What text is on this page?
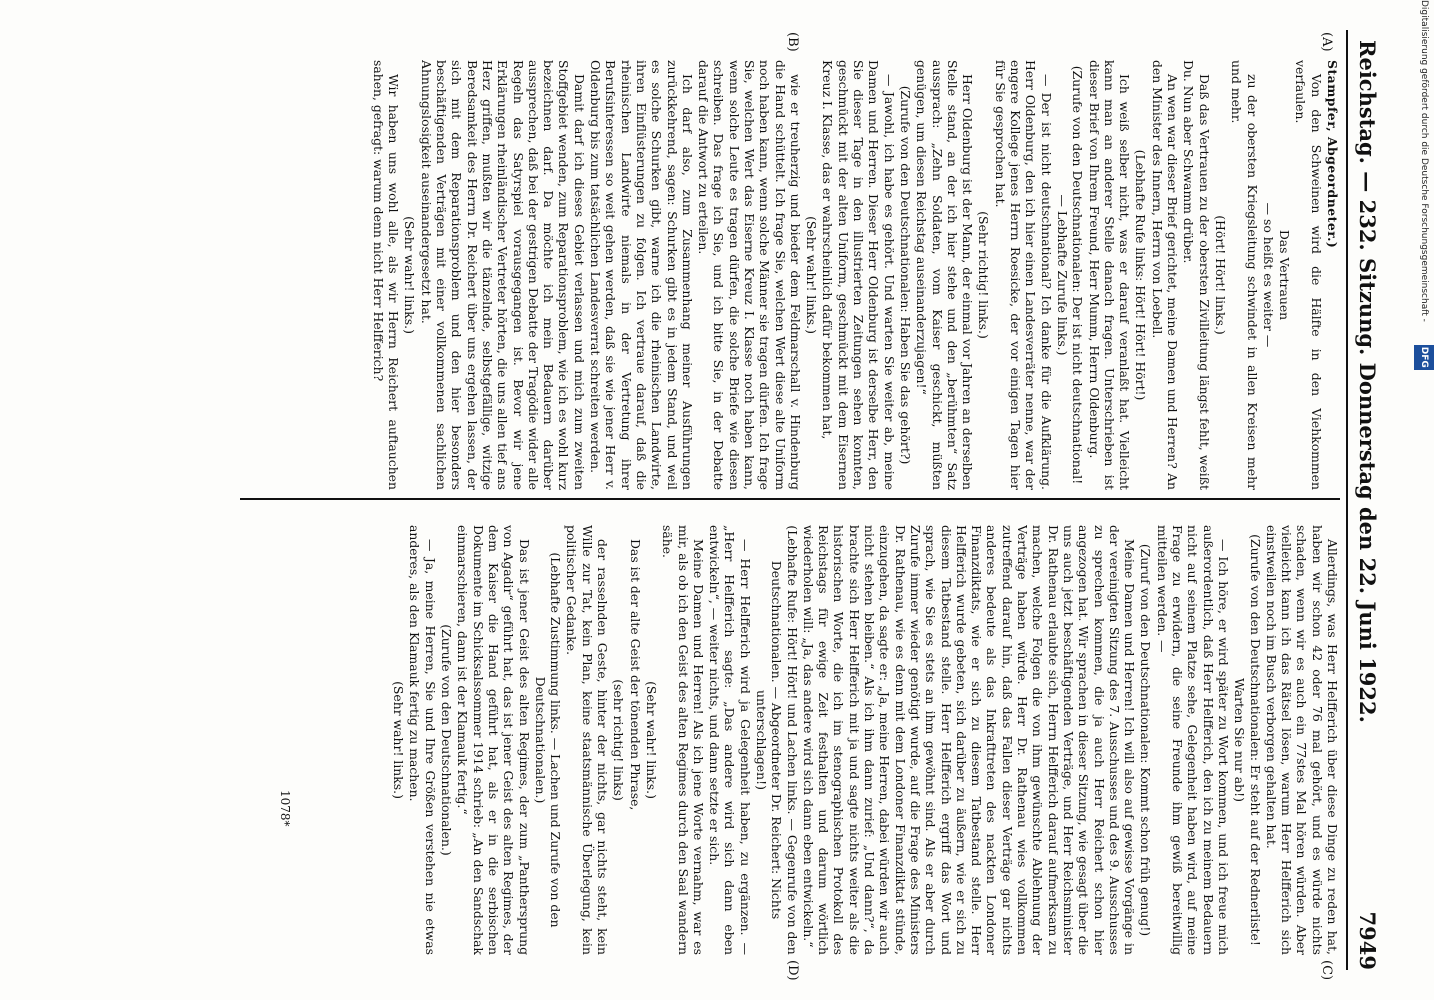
Reichstag. — 232. Sitzung. Donnerstag den 22. Juni 1922.
7949
(A)
(B)
(C)
(D)

Stampfer, Abgeordneter.)

Von den Schweinen wird die Hälfte in den Viehkommen verfaulen.

Das Vertrauen

— so heißt es weiter —

zu der obersten Kriegsleitung schwindet in allen Kreisen mehr und mehr.

(Hört! Hört! links.)

Daß das Vertrauen zu der obersten Zivilleitung längst fehlt, weißt Du. Nun aber Schwamm drüber.

An wen war dieser Brief gerichtet, meine Damen und Herren? An den Minister des Innern, Herrn von Loebell.

(Lebhafte Rufe links: Hört! Hört! Hört!)

Ich weiß selber nicht, was er darauf veranlaßt hat. Vielleicht kann man an anderer Stelle danach fragen. Unterschrieben ist dieser Brief von Ihrem Freund, Herr Mumm, Herrn Oldenburg.

(Zurufe von den Deutschnationalen: Der ist nicht deutschnational! — Lebhafte Zurufe links.)

— Der ist nicht deutschnational? Ich danke für die Aufklärung. Herr Oldenburg, den ich hier einen Landesverräter nenne, war der engere Kollege jenes Herrn Roesicke, der vor einigen Tagen hier für Sie gesprochen hat.

(Sehr richtig! links.)

Herr Oldenburg ist der Mann, der einmal vor Jahren an derselben Stelle stand, an der ich hier stehe und den „berühmten“ Satz aussprach: „Zehn Soldaten, vom Kaiser geschickt, müßten genügen, um diesen Reichstag auseinanderzujagen!“

(Zurufe von den Deutschnationalen: Haben Sie das gehört?)

— Jawohl, ich habe es gehört. Und warten Sie weiter ab, meine Damen und Herren. Dieser Herr Oldenburg ist derselbe Herr, den Sie dieser Tage in den illustrierten Zeitungen sehen konnten, geschmückt mit der alten Uniform, geschmückt mit dem Eisernen Kreuz I. Klasse, das er wahrscheinlich dafür bekommen hat,

(Sehr wahr! links.)

wie er treuherzig und bieder dem Feldmarschall v. Hindenburg die Hand schüttelt. Ich frage Sie, welchen Wert diese alte Uniform noch haben kann, wenn solche Männer sie tragen dürfen. Ich frage Sie, welchen Wert das Eiserne Kreuz I. Klasse noch haben kann, wenn solche Leute es tragen dürfen, die solche Briefe wie diesen schreiben. Das frage ich Sie, und ich bitte Sie, in der Debatte darauf die Antwort zu erteilen.

Ich darf also, zum Zusammenhang meiner Ausführungen zurückkehrend, sagen: Schurken gibt es in jedem Stand, und weil es solche Schurken gibt, warne ich die rheinischen Landwirte, ihren Einflüsterungen zu folgen. Ich vertraue darauf, daß die rheinischen Landwirte niemals in der Vertretung ihrer Berufsinteressen so weit gehen werden, daß sie wie jener Herr v. Oldenburg bis zum tatsächlichen Landesverrat schreiten werden.

Damit darf ich dieses Gebiet verlassen und mich zum zweiten Stoffgebiet wenden, zum Reparationsproblem, wie ich es wohl kurz bezeichnen darf. Da möchte ich mein Bedauern darüber aussprechen, daß bei der gestrigen Debatte der Tragödie wider alle Regeln das Satyrspiel vorausgegangen ist. Bevor wir jene Erklärungen rheinländischer Vertreter hörten, die uns allen tief ans Herz griffen, mußten wir die tänzelnde, selbstgefällige, witzige Beredsamkeit des Herrn Dr. Reichert über uns ergehen lassen, der sich mit dem Reparationsproblem und den hier besonders beschäftigenden Verträgen mit einer vollkommenen sachlichen Ahnungslosigkeit auseinandergesetzt hat.

(Sehr wahr! links.)

Wir haben uns wohl alle, als wir Herrn Reichert auftauchen sahen, gefragt: warum denn nicht Herr Helfferich?

Allerdings, was Herr Helfferich über diese Dinge zu reden hat, haben wir schon 42 oder 76 mal gehört, und es würde nichts schaden, wenn wir es auch ein 77stes Mal hören würden. Aber vielleicht kann ich das Rätsel lösen, warum Herr Helfferich sich einstweilen noch im Busch verborgen gehalten hat.

(Zurufe von den Deutschnationalen: Er steht auf der Rednerliste! Warten Sie nur ab!)

— Ich höre, er wird später zu Wort kommen, und ich freue mich außerordentlich, daß Herr Helfferich, den ich zu meinem Bedauern nicht auf seinem Platze sehe, Gelegenheit haben wird, auf meine Frage zu erwidern, die seine Freunde ihm gewiß bereitwillig mitteilen werden. —

(Zuruf von den Deutschnationalen: Kommt schon früh genug!)

Meine Damen und Herren! Ich will also auf gewisse Vorgänge in der vereinigten Sitzung des 7. Ausschusses und des 9. Ausschusses zu sprechen kommen, die ja auch Herr Reichert schon hier angezogen hat. Wir sprachen in dieser Sitzung, wie gesagt über die uns auch jetzt beschäftigenden Verträge, und Herr Reichsminister Dr. Rathenau erlaubte sich, Herrn Helfferich darauf aufmerksam zu machen, welche Folgen die von ihm gewünschte Ablehnung der Verträge haben würde. Herr Dr. Rathenau wies vollkommen zutreffend darauf hin, daß das Fallen dieser Verträge gar nichts anderes bedeute als das Inkrafttreten des nackten Londoner Finanzdiktats, wie er sich zu diesem Tatbestand stelle. Herr Helfferich wurde gebeten, sich darüber zu äußern, wie er sich zu diesem Tatbestand stelle. Herr Helfferich ergriff das Wort und sprach, wie Sie es stets an ihm gewöhnt sind. Als er aber durch Zurufe immer wieder genötigt wurde, auf die Frage des Ministers Dr. Rathenau, wie es denn mit dem Londoner Finanzdiktat stünde, einzugehen, da sagte er: „Ja, meine Herren, dabei würden wir auch nicht stehen bleiben.“ Als ich ihm dann zurief: „Und dann?“, da brachte sich Herr Helfferich mit ja und sagte nichts weiter als die historischen Worte, die ich im stenographischen Protokoll des Reichstags für ewige Zeit festhalten und darum wörtlich wiederholen will: „Ja, das andere wird sich dann eben entwickeln.“

(Lebhafte Rufe: Hört! Hört! und Lachen links. — Gegenrufe von den Deutschnationalen. — Abgeordneter Dr. Reichert: Nichts unterschlagen!)

— Herr Helfferich wird ja Gelegenheit haben, zu ergänzen. — „Herr Helfferich sagte: „Das andere wird sich dann eben entwickeln“, — weiter nichts, und dann setzte er sich.

Meine Damen und Herren! Als ich jene Worte vernahm, war es mir, als ob ich den Geist des alten Regimes durch den Saal wandern sähe.

(Sehr wahr! links.)

Das ist der alte Geist der tönenden Phrase,

(sehr richtig! links)

der rasselnden Geste, hinter der nichts, gar nichts steht, kein Wille zur Tat, kein Plan, keine staatsmännische Überlegung, kein politischer Gedanke.

(Lebhafte Zustimmung links. — Lachen und Zurufe von den Deutschnationalen.)

Das ist jener Geist des alten Regimes, der zum „Panthersprung von Agadir“ geführt hat, das ist jener Geist des alten Regimes, der dem Kaiser die Hand geführt hat, als er in die serbischen Dokumente im Schicksalssommer 1914 schrieb: „An den Sandschak einmarschieren, dann ist der Klamauk fertig.“

(Zurufe von den Deutschnationalen.)

— Ja, meine Herren, Sie und Ihre Größen verstehen nie etwas anderes, als den Klamauk fertig zu machen.

(Sehr wahr! links.)

1078*
Digitalisierung gefördert durch die Deutsche Forschungsgemeinschaft - DFG
